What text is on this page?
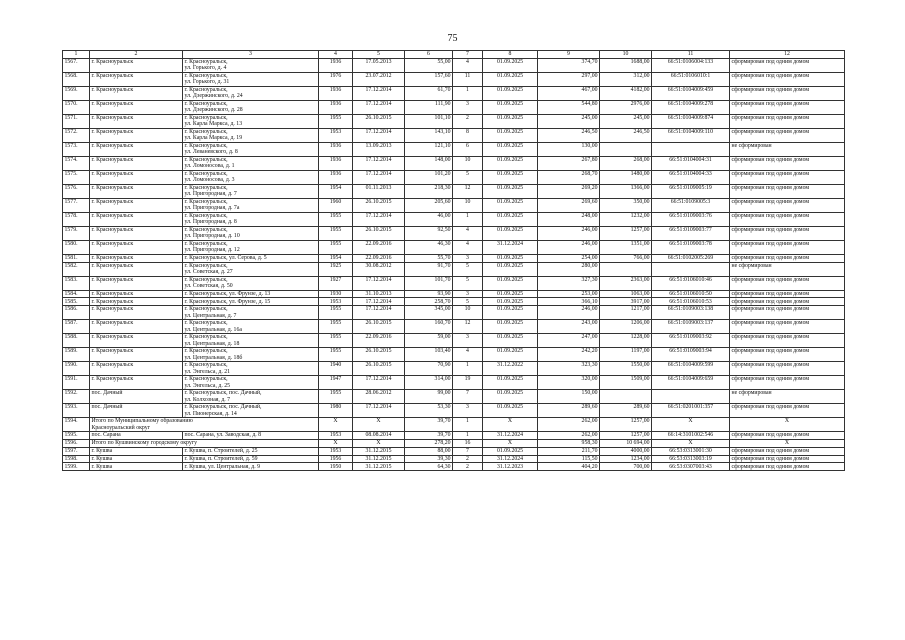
75
1	2	3	4	5	6	7	8	9	10	11	12
1567.	г. Красноуральск	г. Красноуральск,
ул. Горького, д. 4	1936	17.05.2013	55,00	4	01.09.2025	374,70	1688,00	66:51:0106004:133	сформирован под одним домом
1568.	г. Красноуральск	г. Красноуральск,
ул. Горького, д. 31	1976	23.07.2012	157,60	11	01.09.2025	297,00	312,00	66:51:0106010:1	сформирован под одним домом
1569.	г. Красноуральск	г. Красноуральск,
ул. Дзержинского, д. 24	1936	17.12.2014	61,70	1	01.09.2025	467,00	4182,00	66:51:0104009:459	сформирован под одним домом
1570.	г. Красноуральск	г. Красноуральск,
ул. Дзержинского, д. 28	1936	17.12.2014	111,90	3	01.09.2025	544,80	2976,00	66:51:0104009:278	сформирован под одним домом
1571.	г. Красноуральск	г. Красноуральск,
ул. Карла Маркса, д. 13	1955	26.10.2015	101,10	2	01.09.2025	245,00	245,00	66:51:0104009:874	сформирован под одним домом
1572.	г. Красноуральск	г. Красноуральск,
ул. Карла Маркса, д. 19	1953	17.12.2014	143,10	8	01.09.2025	246,50	246,50	66:51:0104009:110	сформирован под одним домом
1573.	г. Красноуральск	г. Красноуральск,
ул. Леваневского, д. 8	1936	13.09.2013	121,10	6	01.09.2025	130,00			не сформирован
1574.	г. Красноуральск	г. Красноуральск,
ул. Ломоносова, д. 1	1936	17.12.2014	148,00	10	01.09.2025	267,80	268,00	66:51:0104004:31	сформирован под одним домом
1575.	г. Красноуральск	г. Красноуральск,
ул. Ломоносова, д. 3	1936	17.12.2014	101,20	5	01.09.2025	268,70	1480,00	66:51:0104004:33	сформирован под одним домом
1576.	г. Красноуральск	г. Красноуральск,
ул. Пригородная, д. 7	1954	01.11.2013	218,30	12	01.09.2025	269,20	1366,00	66:51:0109005:19	сформирован под одним домом
1577.	г. Красноуральск	г. Красноуральск,
ул. Пригородная, д. 7а	1960	26.10.2015	205,60	10	01.09.2025	269,60	350,00	66:51:0109005:3	сформирован под одним домом
1578.	г. Красноуральск	г. Красноуральск,
ул. Пригородная, д. 8	1955	17.12.2014	46,00	1	01.09.2025	248,00	1232,00	66:51:0109003:76	сформирован под одним домом
1579.	г. Красноуральск	г. Красноуральск,
ул. Пригородная, д. 10	1955	26.10.2015	92,50	4	01.09.2025	246,00	1257,00	66:51:0109003:77	сформирован под одним домом
1580.	г. Красноуральск	г. Красноуральск,
ул. Пригородная, д. 12	1955	22.09.2016	46,30	4	31.12.2024	246,00	1351,00	66:51:0109003:78	сформирован под одним домом
1581.	г. Красноуральск	г. Красноуральск, ул. Серова, д. 5	1954	22.09.2016	55,70	3	01.09.2025	254,00	766,00	66:51:0102005:269	сформирован под одним домом
1582.	г. Красноуральск	г. Красноуральск,
ул. Советская, д. 27	1925	30.08.2012	91,70	5	01.09.2025	280,00			не сформирован
1583.	г. Красноуральск	г. Красноуральск,
ул. Советская, д. 50	1927	17.12.2014	101,70	5	01.09.2025	327,30	2363,00	66:51:0106010:46	сформирован под одним домом
1584.	г. Красноуральск	г. Красноуральск, ул. Фрунзе, д. 13	1930	31.10.2013	93,90	3	01.09.2025	253,00	1063,00	66:51:0106010:50	сформирован под одним домом
1585.	г. Красноуральск	г. Красноуральск, ул. Фрунзе, д. 15	1953	17.12.2014	258,70	5	01.09.2025	366,10	3917,00	66:51:0106010:53	сформирован под одним домом
1586.	г. Красноуральск	г. Красноуральск,
ул. Центральная, д. 7	1955	17.12.2014	345,00	10	01.09.2025	246,00	1217,00	66:51:0109003:138	сформирован под одним домом
1587.	г. Красноуральск	г. Красноуральск,
ул. Центральная, д. 16а	1955	26.10.2015	160,70	12	01.09.2025	243,00	1206,00	66:51:0109003:137	сформирован под одним домом
1588.	г. Красноуральск	г. Красноуральск,
ул. Центральная, д. 18	1955	22.09.2016	59,00	3	01.09.2025	247,00	1228,00	66:51:0109003:92	сформирован под одним домом
1589.	г. Красноуральск	г. Красноуральск,
ул. Центральная, д. 18б	1955	26.10.2015	103,40	4	01.09.2025	242,20	1197,00	66:51:0109003:94	сформирован под одним домом
1590.	г. Красноуральск	г. Красноуральск,
ул. Энгельса, д. 21	1940	26.10.2015	70,90	1	31.12.2022	323,30	1550,00	66:51:0104009:599	сформирован под одним домом
1591.	г. Красноуральск	г. Красноуральск,
ул. Энгельса, д. 25	1947	17.12.2014	314,00	19	01.09.2025	320,00	1509,00	66:51:0104009:659	сформирован под одним домом
1592.	пос. Дачный	г. Красноуральск, пос. Дачный,
ул. Колхозная, д. 7	1955	28.06.2012	99,00	7	01.09.2025	150,00			не сформирован
1593.	пос. Дачный	г. Красноуральск, пос. Дачный,
ул. Пионерская, д. 14	1980	17.12.2014	53,30	3	01.09.2025	289,60	289,60	66:51:0201001:357	сформирован под одним домом
1594.	Итого по Муниципальному образованию
Красноуральский округ		X	X	39,70	1	X	262,00	1257,00	X	X
1595.	пос. Сарана	пос. Сарана, ул. Заводская, д. 8	1953	08.08.2014	39,70	1	31.12.2024	262,00	1257,00	66:14:3101002:546	сформирован под одним домом
1596.	Итого по Кушвинскому городскому округу		X	X	278,20	16	X	958,30	10 694,00	X	X
1597.	г. Кушва	г. Кушва, п. Строителей, д. 25	1953	31.12.2015	88,00	7	01.09.2025	211,70	4000,00	66:53:0313001:30	сформирован под одним домом
1598.	г. Кушва	г. Кушва, п. Строителей, д. 59	1956	31.12.2015	39,30	2	31.12.2024	115,50	1234,00	66:53:0313003:19	сформирован под одним домом
1599.	г. Кушва	г. Кушва, ул. Центральная, д. 9	1950	31.12.2015	64,30	2	31.12.2023	404,20	700,00	66:53:0307003:43	сформирован под одним домом
